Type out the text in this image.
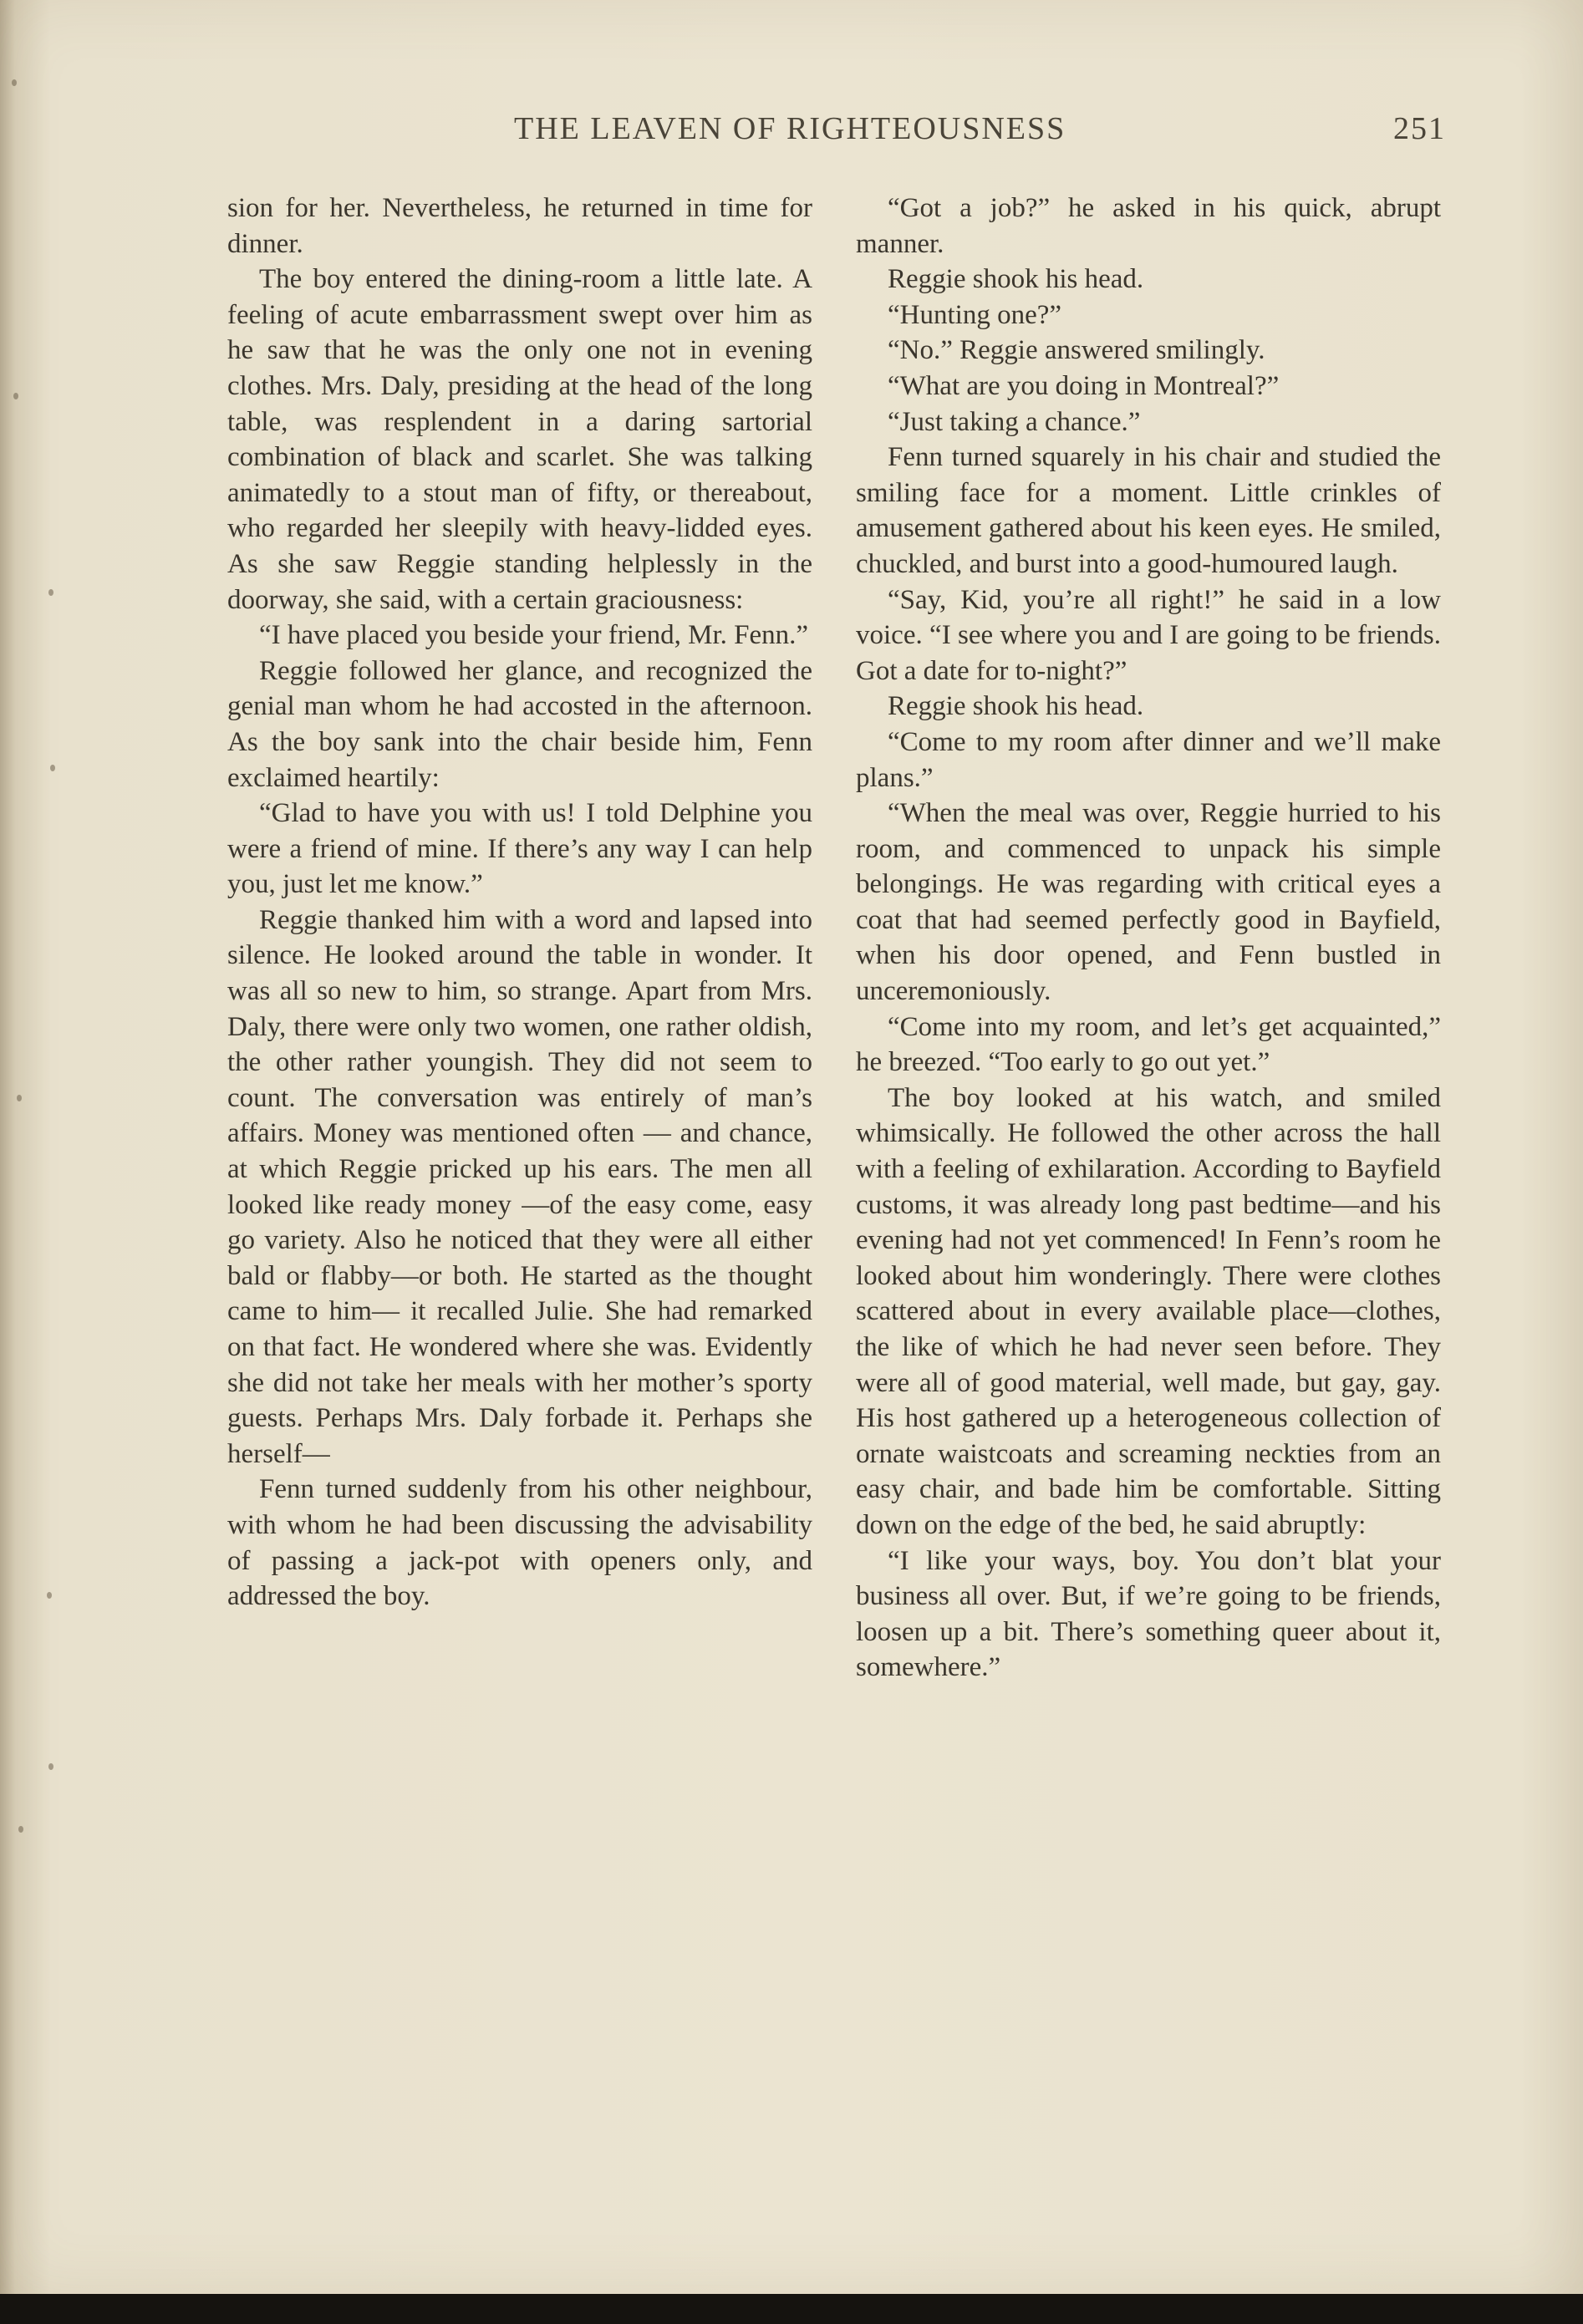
THE LEAVEN OF RIGHTEOUSNESS	251

sion for her. Nevertheless, he returned in time for dinner.

The boy entered the dining-room a little late. A feeling of acute embarrassment swept over him as he saw that he was the only one not in evening clothes. Mrs. Daly, presiding at the head of the long table, was resplendent in a daring sartorial combination of black and scarlet. She was talking animatedly to a stout man of fifty, or thereabout, who regarded her sleepily with heavy-lidded eyes. As she saw Reggie standing helplessly in the doorway, she said, with a certain graciousness:

“I have placed you beside your friend, Mr. Fenn.”

Reggie followed her glance, and recognized the genial man whom he had accosted in the afternoon. As the boy sank into the chair beside him, Fenn exclaimed heartily:

“Glad to have you with us! I told Delphine you were a friend of mine. If there’s any way I can help you, just let me know.”

Reggie thanked him with a word and lapsed into silence. He looked around the table in wonder. It was all so new to him, so strange. Apart from Mrs. Daly, there were only two women, one rather oldish, the other rather youngish. They did not seem to count. The conversation was entirely of man’s affairs. Money was mentioned often — and chance, at which Reggie pricked up his ears. The men all looked like ready money —of the easy come, easy go variety. Also he noticed that they were all either bald or flabby—or both. He started as the thought came to him— it recalled Julie. She had remarked on that fact. He wondered where she was. Evidently she did not take her meals with her mother’s sporty guests. Perhaps Mrs. Daly forbade it. Perhaps she herself—

Fenn turned suddenly from his other neighbour, with whom he had been discussing the advisability of passing a jack-pot with openers only, and addressed the boy.

“Got a job?” he asked in his quick, abrupt manner.

Reggie shook his head.

“Hunting one?”

“No.” Reggie answered smilingly.

“What are you doing in Montreal?”

“Just taking a chance.”

Fenn turned squarely in his chair and studied the smiling face for a moment. Little crinkles of amusement gathered about his keen eyes. He smiled, chuckled, and burst into a good-humoured laugh.

“Say, Kid, you’re all right!” he said in a low voice. “I see where you and I are going to be friends. Got a date for to-night?”

Reggie shook his head.

“Come to my room after dinner and we’ll make plans.”

“When the meal was over, Reggie hurried to his room, and commenced to unpack his simple belongings. He was regarding with critical eyes a coat that had seemed perfectly good in Bayfield, when his door opened, and Fenn bustled in unceremoniously.

“Come into my room, and let’s get acquainted,” he breezed. “Too early to go out yet.”

The boy looked at his watch, and smiled whimsically. He followed the other across the hall with a feeling of exhilaration. According to Bayfield customs, it was already long past bedtime—and his evening had not yet commenced! In Fenn’s room he looked about him wonderingly. There were clothes scattered about in every available place—clothes, the like of which he had never seen before. They were all of good material, well made, but gay, gay. His host gathered up a heterogeneous collection of ornate waistcoats and screaming neckties from an easy chair, and bade him be comfortable. Sitting down on the edge of the bed, he said abruptly:

“I like your ways, boy. You don’t blat your business all over. But, if we’re going to be friends, loosen up a bit. There’s something queer about it, somewhere.”
